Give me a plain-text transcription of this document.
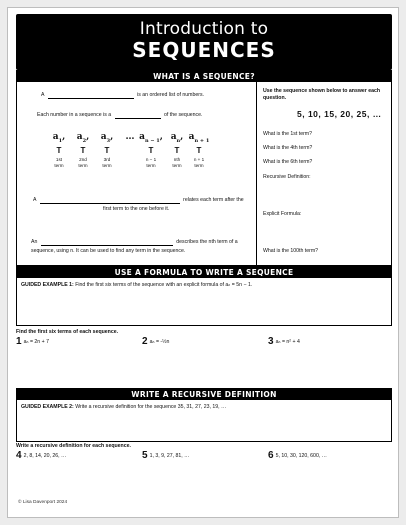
Introduction to
SEQUENCES
WHAT IS A SEQUENCE?
A	is an ordered list of numbers.
Each number in a sequence is a	of the sequence.
$a_1$,
T
1st
term
$a_2$,
T
2nd
term
$a_3$,
T
3rd
term
… $a_{n - 1}$,
T
n − 1
term
$a_n$,
T
nth
term
$a_{n + 1}$
T
n + 1
term
A	relates each term after the
first term to the one before it.
An	describes the nth term of a
sequence, using n. It can be used to find any term in the sequence.
Use the sequence shown below to answer each question.
5, 10, 15, 20, 25, …
What is the 1st term?
What is the 4th term?
What is the 6th term?
Recursive Definition:
Explicit Formula:
What is the 100th term?
USE A FORMULA TO WRITE A SEQUENCE
GUIDED EXAMPLE 1: Find the first six terms of the sequence with an explicit formula of aₙ = 5n − 1.
Find the first six terms of each sequence.
1 aₙ = 2n + 7	2 aₙ = -½n	3 aₙ = n² + 4
WRITE A RECURSIVE DEFINITION
GUIDED EXAMPLE 2: Write a recursive definition for the sequence 35, 31, 27, 23, 19, …
Write a recursive definition for each sequence.
4 2, 8, 14, 20, 26, …	5 1, 3, 9, 27, 81, …	6 5, 10, 30, 120, 600, …
© Lisa Davenport 2024
